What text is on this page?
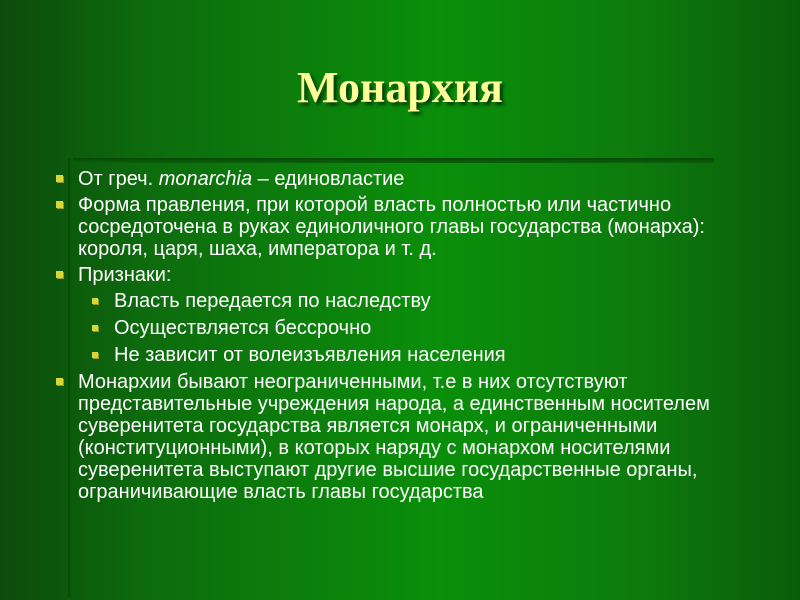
Монархия
От греч. monarchia – единовластие
Форма правления, при которой власть полностью или частично сосредоточена в руках единоличного главы государства (монарха): короля, царя, шаха, императора и т. д.
Признаки:
Власть передается по наследству
Осуществляется бессрочно
Не зависит от волеизъявления населения
Монархии бывают неограниченными, т.е в них отсутствуют представительные учреждения народа, а единственным носителем суверенитета государства является монарх, и ограниченными (конституционными), в которых наряду с монархом носителями суверенитета выступают другие высшие государственные органы, ограничивающие власть главы государства
